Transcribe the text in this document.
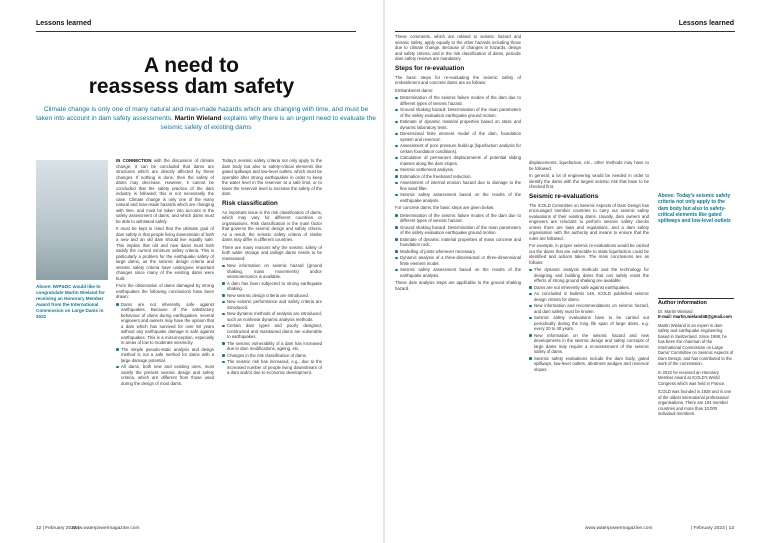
Lessons learned
A need to
reassess dam safety
Climate change is only one of many natural and man-made hazards which are changing with time, and must be taken into account in dam safety assessments. Martin Wieland explains why there is an urgent need to evaluate the seismic safety of existing dams
Above: IWP&DC would like to congratulate Martin Wieland for receiving an Honorary Member Award from the International Commission on Large Dams in 2022

IN CONNECTION with the discussion of climate change, it can be concluded that dams are structures which are directly affected by these changes. If nothing is done, then the safety of dams may decrease. However, it cannot be concluded that the safety practice of the dam industry is followed; this is not necessarily the case. Climate change is only one of the many natural and man-made hazards which are changing with time, and must be taken into account in the safety assessment of dams, and which dams must be able to withstand safely.

It must be kept in mind that the ultimate goal of dam safety is that people living downstream of both a new and an old dam should live equally safe. This implies that old and new dams must both satisfy the current minimum safety criteria. This is particularly a problem for the earthquake safety of large dams, as the seismic design criteria and seismic safety criteria have undergone important changes since many of the existing dams were built.

From the observation of dams damaged by strong earthquakes the following conclusions have been drawn:

Dams are not inherently safe against earthquakes. Because of the satisfactory behaviour of dams during earthquakes, several engineers and owners may have the opinion that a dam which has survived for over 60 years without any earthquake damage is safe against earthquakes. This is a misconception, especially in areas of low to moderate seismicity.
The simple pseudo-static analysis and design method is not a safe method for dams with a large damage potential.
All dams, both new and existing ones, must satisfy the present seismic design and safety criteria, which are different from those used during the design of most dams.

Today's seismic safety criteria not only apply to the dam body but also to safety-critical elements like gated spillways and low-level outlets, which must be operable after strong earthquakes in order to keep the water level in the reservoir at a safe limit, or to lower the reservoir level to increase the safety of the dam.

Risk classification

An important issue is the risk classification of dams, which may vary for different countries or organisations. Risk classification is the main factor that governs the seismic design and safety criteria. As a result, the seismic safety criteria of similar dams may differ in different countries.

There are many reasons why the seismic safety of both water storage and tailings dams needs to be reassessed:

New information on seismic hazard (ground shaking, mass movements) and/or seismotectonics is available.
A dam has been subjected to strong earthquake shaking.
New seismic design criteria are introduced.
New seismic performance and safety criteria are introduced.
New dynamic methods of analysis are introduced, such as nonlinear dynamic analysis methods.
Certain dam types and poorly designed, constructed and maintained dams are vulnerable to earthquakes.
The seismic vulnerability of a dam has increased due to dam modifications, ageing, etc.
Changes in the risk classification of dams.
The seismic risk has increased, e.g., due to the increased number of people living downstream of a dam and/or due to economic development.
12 | February 2023 |
www.waterpowermagazine.com
Lessons learned

These comments, which are related to seismic hazard and seismic safety, apply equally to the other hazards including those due to climate change. Because of changes in hazards, design and safety criteria, and in the risk classification of dams, periodic dam safety reviews are mandatory.

Steps for re-evaluation

The basic steps for re-evaluating the seismic safety of embankment and concrete dams are as follows:

Embankment dams:

Determination of the seismic failure modes of the dam due to different types of seismic hazard.
Ground shaking hazard: Determination of the main parameters of the safety evaluation earthquake ground motion.
Estimate of dynamic material properties based on static and dynamic laboratory tests.
Dimensional finite element model of the dam, foundation system and reservoir.
Assessment of pore pressure build-up (liquefaction analysis for certain foundation conditions).
Calculation of permanent displacements of potential sliding masses along the dam slopes.
Seismic settlement analysis.
Estimation of the freeboard reduction.
Assessment of internal erosion hazard due to damage to the fine sand filter.
Seismic safety assessment based on the results of the earthquake analysis.

For concrete dams, the basic steps are given below:

Determination of the seismic failure modes of the dam due to different types of seismic hazard.
Ground shaking hazard: Determination of the main parameters of the safety evaluation earthquake ground motion.
Estimate of dynamic material properties of mass concrete and foundation rock.
Modelling of joints whenever necessary.
Dynamic analysis of a three-dimensional or three-dimensional finite element model.
Seismic safety assessment based on the results of the earthquake analysis.

These dam analysis steps are applicable to the ground shaking hazard.

displacements, liquefaction, etc., other methods may have to be followed.

In general, a lot of engineering would be needed in order to identify the dams with the largest seismic risk that have to be checked first.

Seismic re-evaluations

The ICOLD Committee on Seismic Aspects of Dam Design has encouraged member countries to carry out seismic safety evaluations of their existing dams. Usually, dam owners and engineers are reluctant to perform seismic safety checks unless there are laws and regulations, and a dam safety organisation with the authority and means to ensure that the rules are followed.

For example, in proper seismic re-evaluations would be carried out the dams that are vulnerable to static liquefaction could be identified and actions taken. The main conclusions are as follows:

The dynamic analysis methods and the technology for designing and building dams that can safely resist the effects of strong ground shaking are available.
Dams are not inherently safe against earthquakes.
As concluded in Bulletin 148, ICOLD published seismic design criteria for dams.
New information and recommendations on seismic hazard, and dam safety must be known.
Seismic safety evaluations have to be carried out periodically during the long life span of large dams, e.g. every 20 to 40 years.
New information on the seismic hazard and new developments in the seismic design and safety concepts of large dams may require a re-assessment of the seismic safety of dams.
Seismic safety evaluations include the dam body, gated spillways, low-level outlets, abutment wedges and reservoir slopes.
www.waterpowermagazine.com	| February 2023 | 13
Above: Today's seismic safety criteria not only apply to the dam body but also to safety-critical elements like gated spillways and low-level outlets
Author information

Dr. Martin Wieland

E-mail: martin.wieland48@gmail.com

Martin Wieland is an expert in dam safety and earthquake engineering based in Switzerland. Since 1998, he has been the chairman of the International Commission on Large Dams' Committee on Seismic Aspects of Dam Design, and has contributed to the work of the commission.

In 2022 he received an Honorary Member Award at ICOLD's World Congress which was held in France.

ICOLD was founded in 1928 and is one of the oldest international professional organisations. There are 104 member countries and more than 10,000 individual members.
